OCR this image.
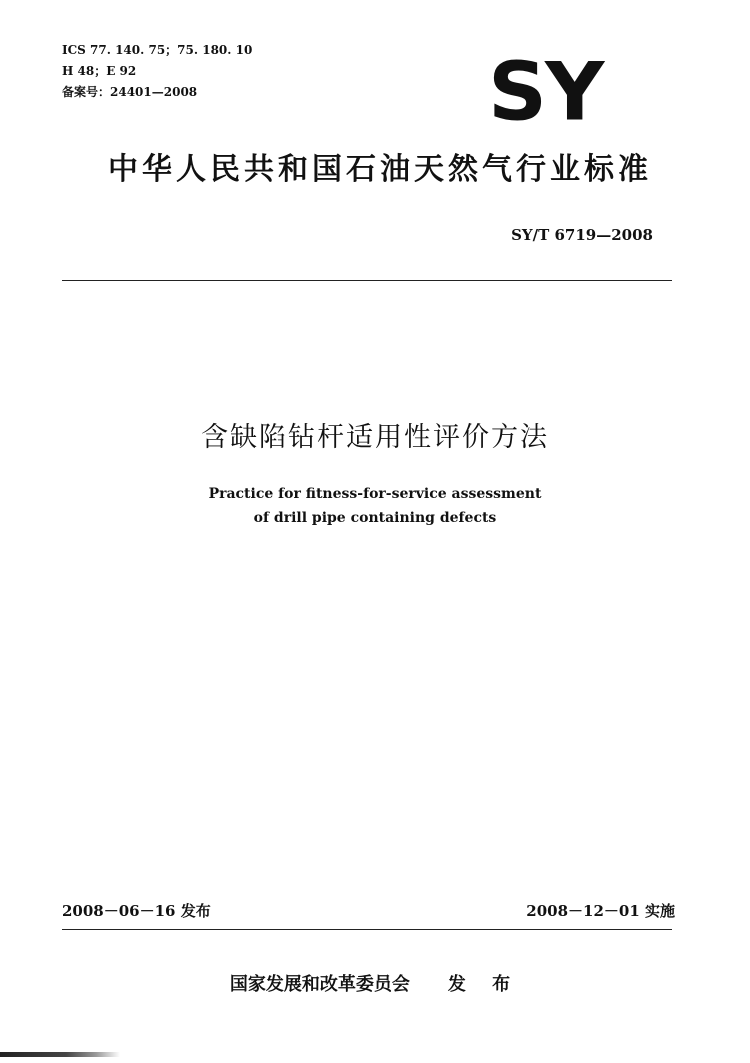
ICS 77. 140. 75；75. 180. 10
H 48；E 92
备案号：24401—2008	SY
中华人民共和国石油天然气行业标准
SY/T 6719—2008
含缺陷钻杆适用性评价方法
Practice for fitness-for-service assessment
of drill pipe containing defects
2008－06－16 发布	2008－12－01 实施
国家发展和改革委员会 发 布
